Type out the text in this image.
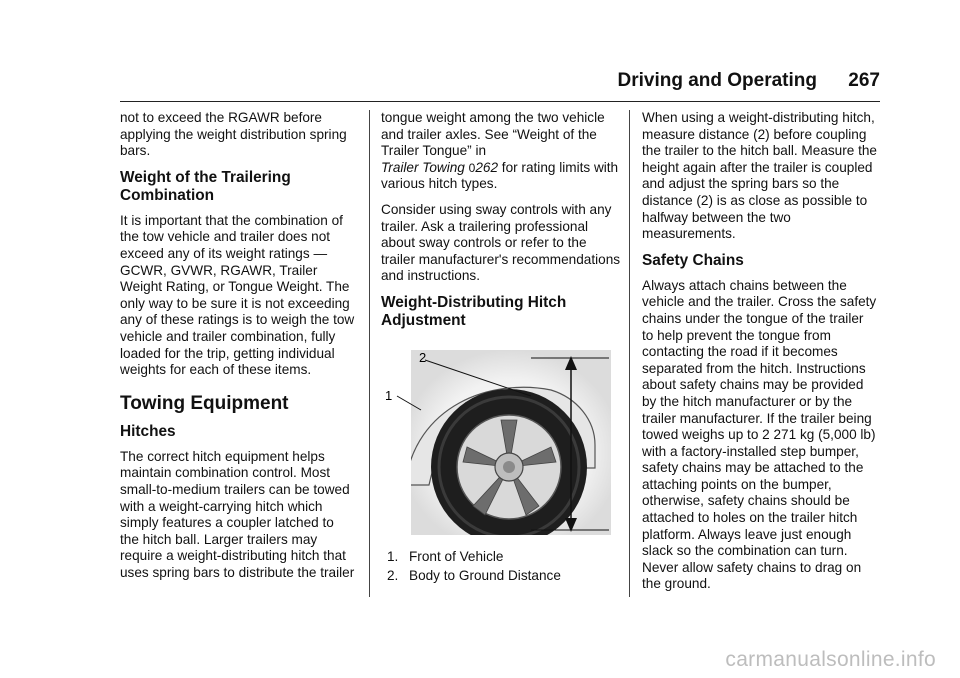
Driving and Operating 267

not to exceed the RGAWR before applying the weight distribution spring bars.

Weight of the Trailering Combination

It is important that the combination of the tow vehicle and trailer does not exceed any of its weight ratings — GCWR, GVWR, RGAWR, Trailer Weight Rating, or Tongue Weight. The only way to be sure it is not exceeding any of these ratings is to weigh the tow vehicle and trailer combination, fully loaded for the trip, getting individual weights for each of these items.

Towing Equipment
Hitches

The correct hitch equipment helps maintain combination control. Most small-to-medium trailers can be towed with a weight-carrying hitch which simply features a coupler latched to the hitch ball. Larger trailers may require a weight-distributing hitch that uses spring bars to distribute the trailer

tongue weight among the two vehicle and trailer axles. See “Weight of the Trailer Tongue” in
Trailer Towing 0262 for rating limits with various hitch types.

Consider using sway controls with any trailer. Ask a trailering professional about sway controls or refer to the trailer manufacturer's recommendations and instructions.

Weight-Distributing Hitch Adjustment
2
1
1. Front of Vehicle
2. Body to Ground Distance

When using a weight-distributing hitch, measure distance (2) before coupling the trailer to the hitch ball. Measure the height again after the trailer is coupled and adjust the spring bars so the distance (2) is as close as possible to halfway between the two measurements.

Safety Chains

Always attach chains between the vehicle and the trailer. Cross the safety chains under the tongue of the trailer to help prevent the tongue from contacting the road if it becomes separated from the hitch. Instructions about safety chains may be provided by the hitch manufacturer or by the trailer manufacturer. If the trailer being towed weighs up to 2 271 kg (5,000 lb) with a factory-installed step bumper, safety chains may be attached to the attaching points on the bumper, otherwise, safety chains should be attached to holes on the trailer hitch platform. Always leave just enough slack so the combination can turn. Never allow safety chains to drag on the ground.

carmanualsonline.info
